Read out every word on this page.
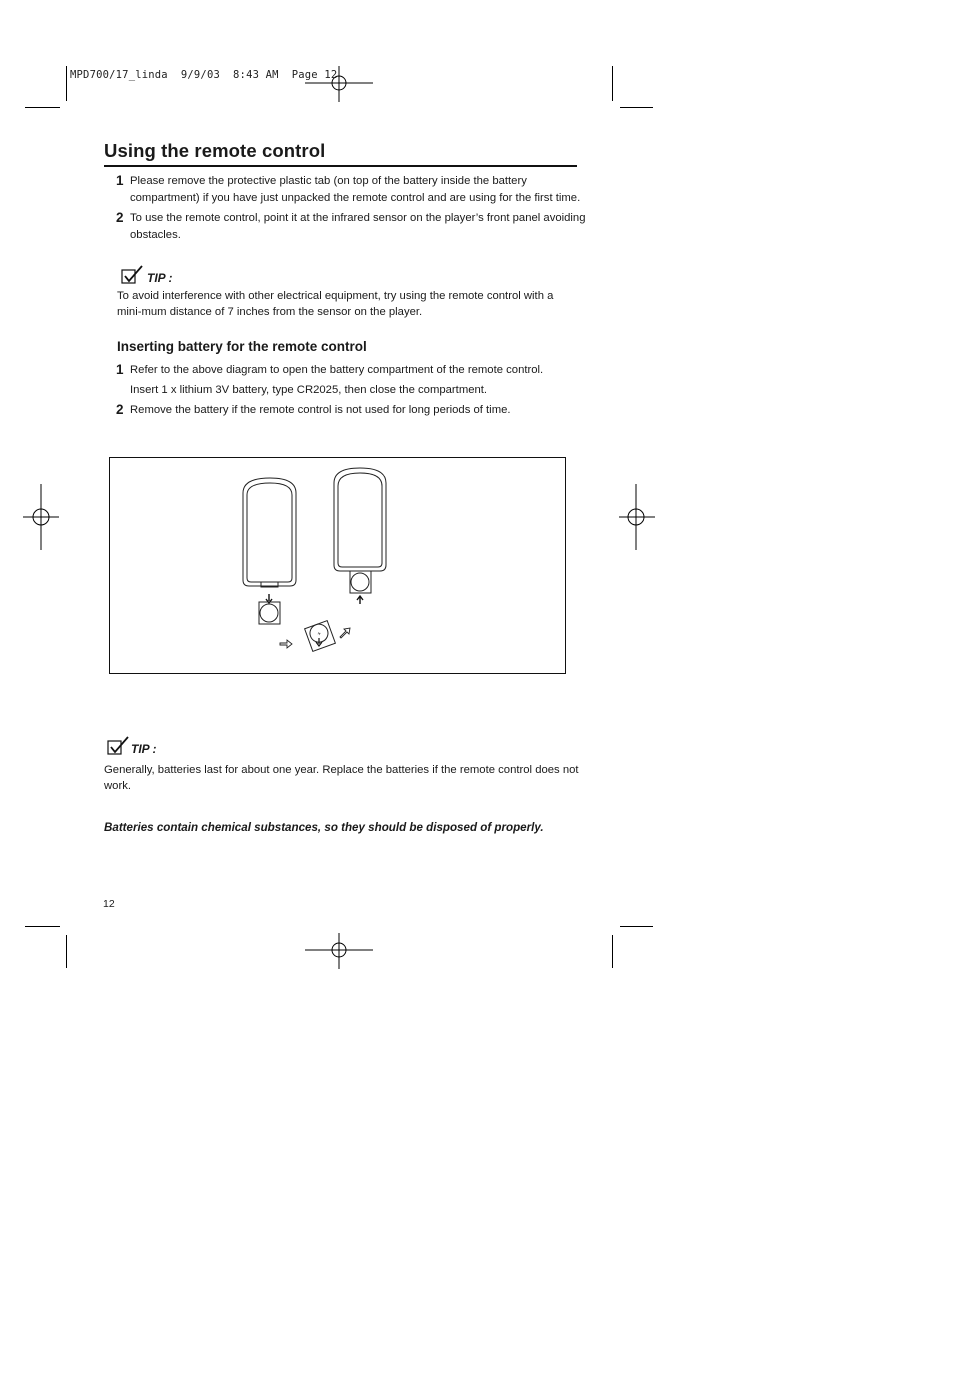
MPD700/17_linda  9/9/03  8:43 AM  Page 12
Using the remote control
1 Please remove the protective plastic tab (on top of the battery inside the battery compartment) if you have just unpacked the remote control and are using for the first time.
2 To use the remote control, point it at the infrared sensor on the player’s front panel avoiding obstacles.
TIP :
To avoid interference with other electrical equipment, try using the remote control with a mini-mum distance of 7 inches from the sensor on the player.
Inserting battery for the remote control
1 Refer to the above diagram to open the battery compartment of the remote control.
Insert 1 x lithium 3V battery, type CR2025, then close the compartment.
2 Remove the battery if the remote control is not used for long periods of time.
+
TIP :
Generally, batteries last for about one year. Replace the batteries if the remote control does not work.
Batteries contain chemical substances, so they should be disposed of properly.
12
